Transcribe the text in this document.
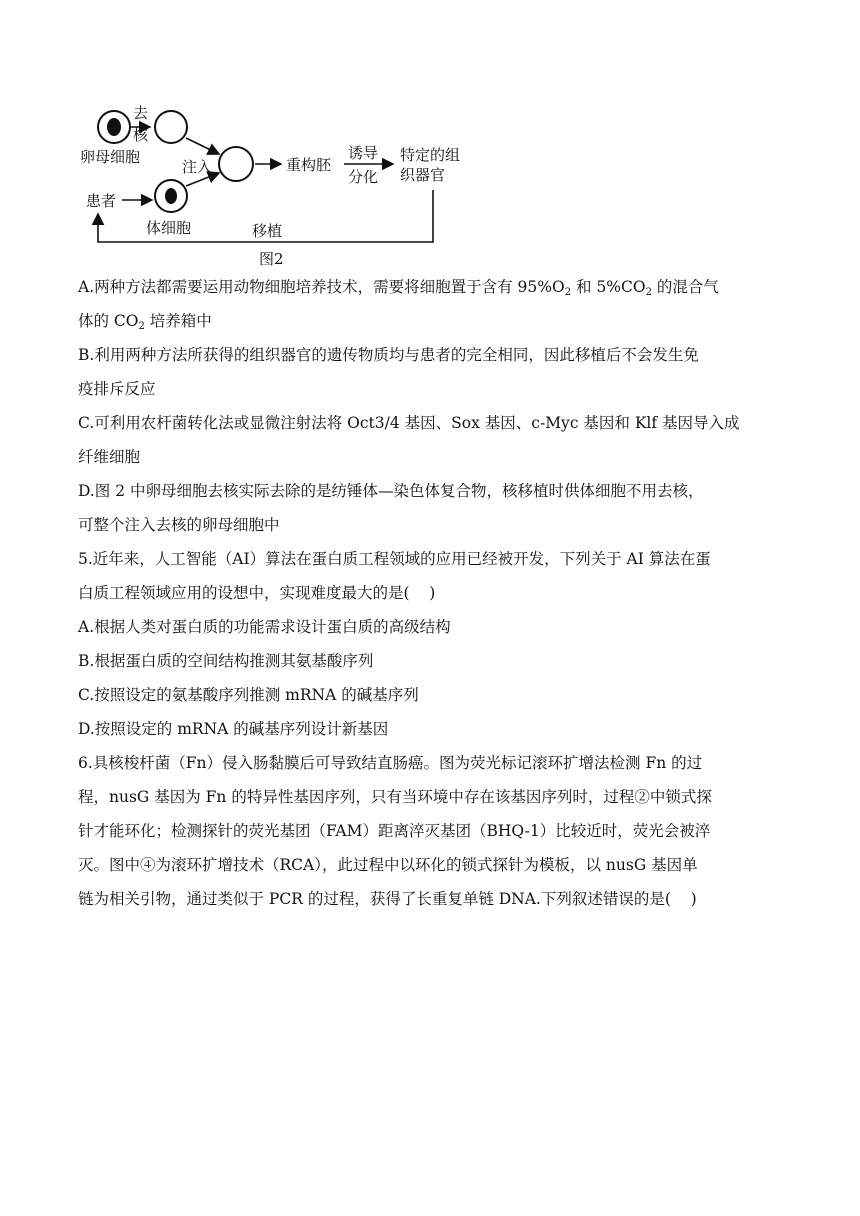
卵母细胞
去
核
体细胞
注入
患者
重构胚
诱导
分化
特定的组
织器官
移植
图2

A.两种方法都需要运用动物细胞培养技术，需要将细胞置于含有 $95\%O_2$ 和 $5\%CO_2$ 的混合气

体的 $CO_2$ 培养箱中

B.利用两种方法所获得的组织器官的遗传物质均与患者的完全相同，因此移植后不会发生免

疫排斥反应

C.可利用农杆菌转化法或显微注射法将 Oct3/4 基因、Sox 基因、c-Myc 基因和 Klf 基因导入成

纤维细胞

D.图 2 中卵母细胞去核实际去除的是纺锤体—染色体复合物，核移植时供体细胞不用去核，

可整个注入去核的卵母细胞中

5.近年来，人工智能（AI）算法在蛋白质工程领域的应用已经被开发，下列关于 AI 算法在蛋

白质工程领域应用的设想中，实现难度最大的是(    )

A.根据人类对蛋白质的功能需求设计蛋白质的高级结构

B.根据蛋白质的空间结构推测其氨基酸序列

C.按照设定的氨基酸序列推测 mRNA 的碱基序列

D.按照设定的 mRNA 的碱基序列设计新基因

6.具核梭杆菌（Fn）侵入肠黏膜后可导致结直肠癌。图为荧光标记滚环扩增法检测 Fn 的过

程，nusG 基因为 Fn 的特异性基因序列，只有当环境中存在该基因序列时，过程②中锁式探

针才能环化；检测探针的荧光基团（FAM）距离淬灭基团（BHQ-1）比较近时，荧光会被淬

灭。图中④为滚环扩增技术（RCA），此过程中以环化的锁式探针为模板，以 nusG 基因单

链为相关引物，通过类似于 PCR 的过程，获得了长重复单链 DNA.下列叙述错误的是(    )
